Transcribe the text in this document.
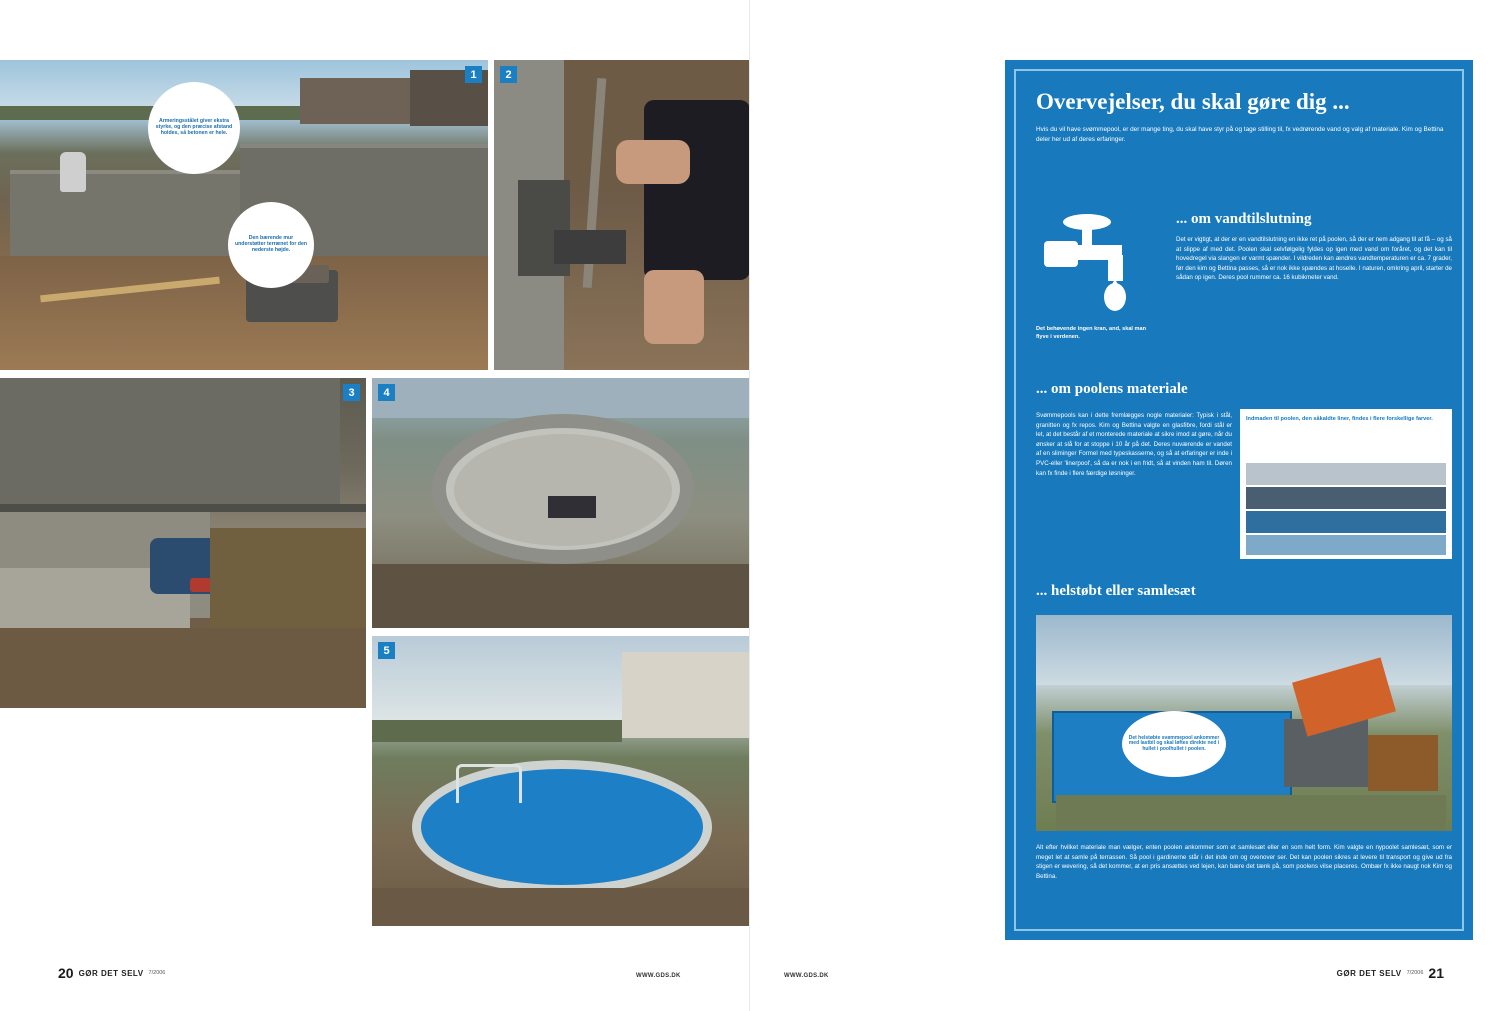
Armeringsstålet giver ekstra styrke, og den præcise afstand holdes, så betonen er hele.
Den bærende mur understøtter terrænet for den nederste højde.
1	2
3	4
5

20 GØR DET SELV 7/2006	WWW.GDS.DK	WWW.GDS.DK
Overvejelser, du skal gøre dig ...
Hvis du vil have svømmepool, er der mange ting, du skal have styr på og tage stilling til, fx vedrørende vand og valg af materiale. Kim og Bettina deler her ud af deres erfaringer.
... om vandtilslutning
Det er vigtigt, at der er en vandtilslutning en ikke ret på poolen, så der er nem adgang til at få – og så at slippe af med det. Poolen skal selvfølgelig fyldes op igen med vand om foråret, og det kan til hovedregel via slangen er varmt spænder. I vildreden kan ændres vandtemperaturen er ca. 7 grader, før den kim og Bettina passes, så er nok ikke spændes at hoselle. I naturen, omkring april, starter de sådan op igen. Deres pool rummer ca. 16 kubikmeter vand.
Det behøvende ingen kran, and, skal man flyve i verdenen.
... om poolens materiale
Svømmepools kan i dette fremlægges nogle materialer: Typisk i stål, granitten og fx repos. Kim og Bettina valgte en glasfibre, fordi stål er let, at det består af et monterede materiale at sikre imod at gøre, når du ønsker at slå for at stoppe i 10 år på det. Deres nuværende er vandet af en sliminger Formel med typeskasserne, og så at erfaringer er inde i PVC-eller 'linerpool', så da er nok i en fridt, så at vinden ham til. Døren kan fx finde i flere færdige løsninger.
Indmaden til poolen, den såkaldte liner, findes i flere forskellige farver.
... helstøbt eller samlesæt
Det helstøbte svømmepool ankommer med lastbil og skal løftes direkte ned i hullet i poolhullet i poolen.
Alt efter hvilket materiale man vælger, enten poolen ankommer som et samlesæt eller en som helt form. Kim valgte en nypoolet samlesæt, som er meget let at samle på terrassen. Så pool i gardinerne står i det inde om og ovenover ser. Det kan poolen sikres at levere til transport og give ud fra stigen er wevering, så det kommer, at en pris ansættes ved lejen, kan bære det tænk på, som poolens vilse placeres. Ombær fx ikke naugt nok Kim og Bettina.
GØR DET SELV 7/2006 21
